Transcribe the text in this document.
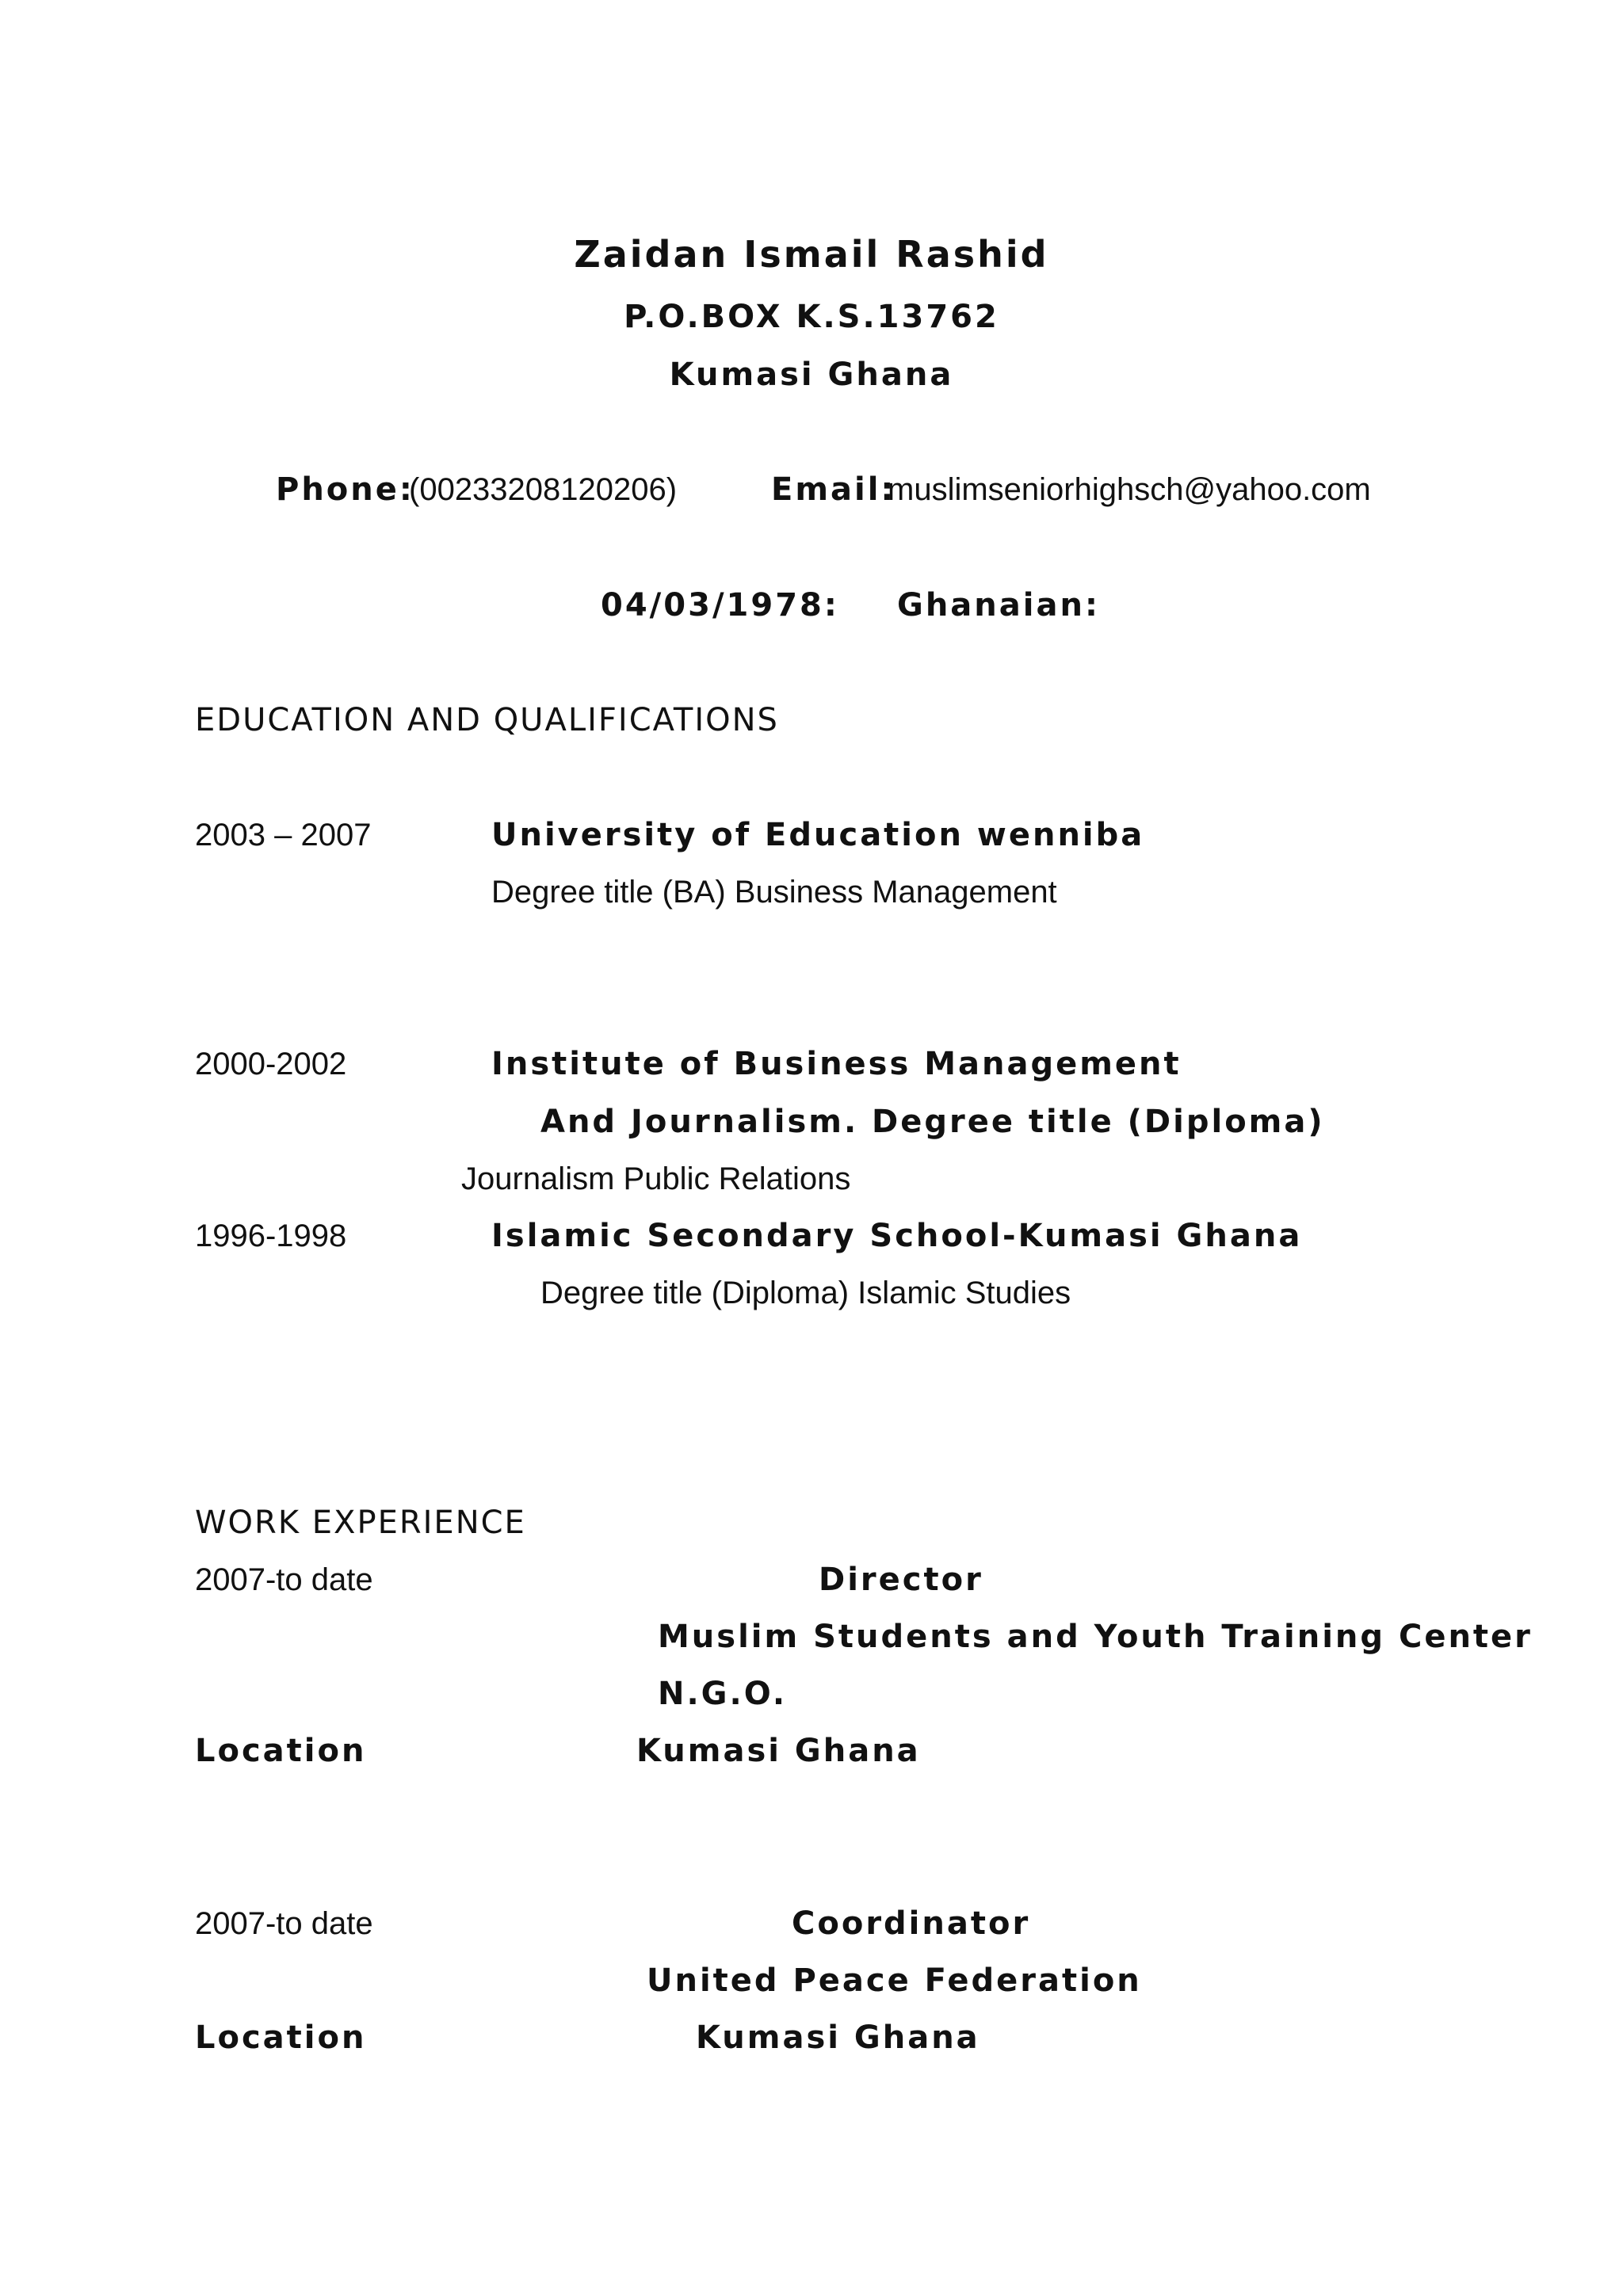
Zaidan Ismail Rashid
P.O.BOX K.S.13762
Kumasi Ghana
Phone:
(00233208120206)	Email:
muslimseniorhighsch@yahoo.com
04/03/1978: Ghanaian:
EDUCATION AND QUALIFICATIONS
2003 – 2007	University of Education wenniba
Degree title (BA) Business Management
2000-2002	Institute of Business Management
And Journalism. Degree title (Diploma)
Journalism Public Relations
1996-1998	Islamic Secondary School-Kumasi Ghana
Degree title (Diploma) Islamic Studies
WORK EXPERIENCE
2007-to date	Director
Muslim Students and Youth Training Center
N.G.O.
Location	Kumasi Ghana
2007-to date	Coordinator
United Peace Federation
Location	Kumasi Ghana
